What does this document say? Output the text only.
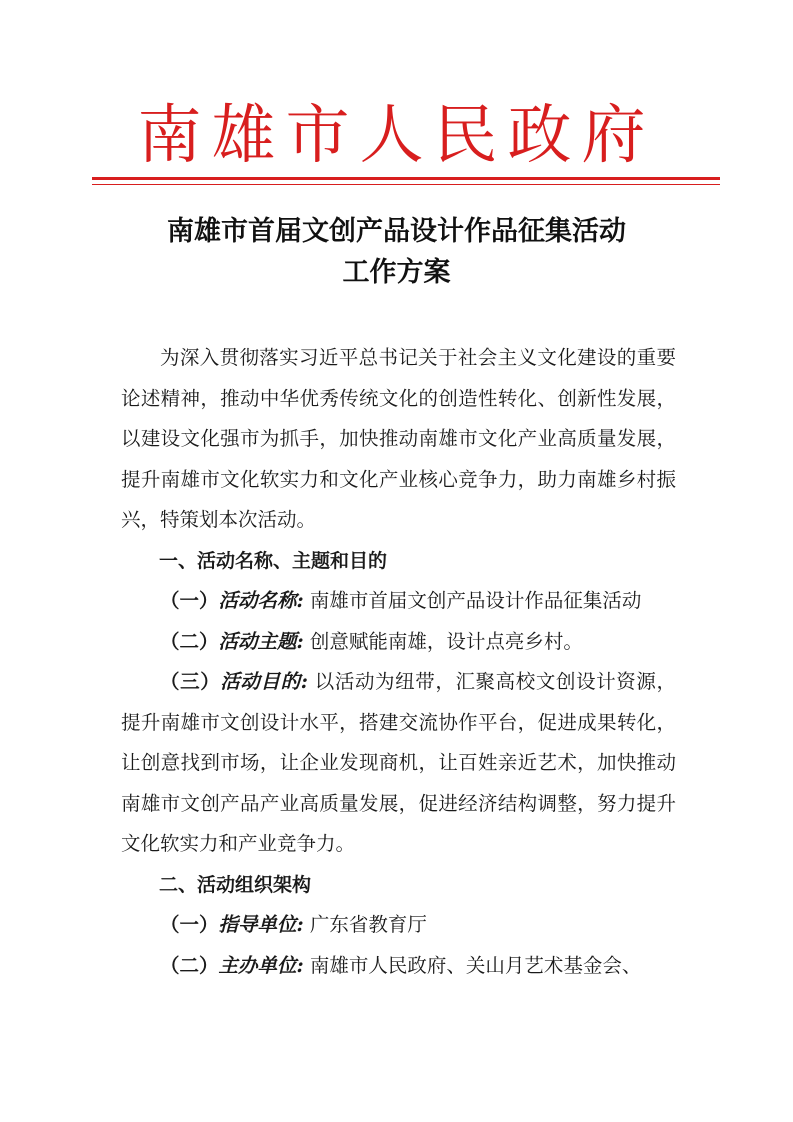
南雄市人民政府
南雄市首届文创产品设计作品征集活动
工作方案

为深入贯彻落实习近平总书记关于社会主义文化建设的重要论述精神，推动中华优秀传统文化的创造性转化、创新性发展，以建设文化强市为抓手，加快推动南雄市文化产业高质量发展，提升南雄市文化软实力和文化产业核心竞争力，助力南雄乡村振兴，特策划本次活动。

一、活动名称、主题和目的

（一）活动名称: 南雄市首届文创产品设计作品征集活动

（二）活动主题: 创意赋能南雄，设计点亮乡村。

（三）活动目的: 以活动为纽带，汇聚高校文创设计资源，提升南雄市文创设计水平，搭建交流协作平台，促进成果转化，让创意找到市场，让企业发现商机，让百姓亲近艺术，加快推动南雄市文创产品产业高质量发展，促进经济结构调整，努力提升文化软实力和产业竞争力。

二、活动组织架构

（一）指导单位: 广东省教育厅

（二）主办单位: 南雄市人民政府、关山月艺术基金会、
